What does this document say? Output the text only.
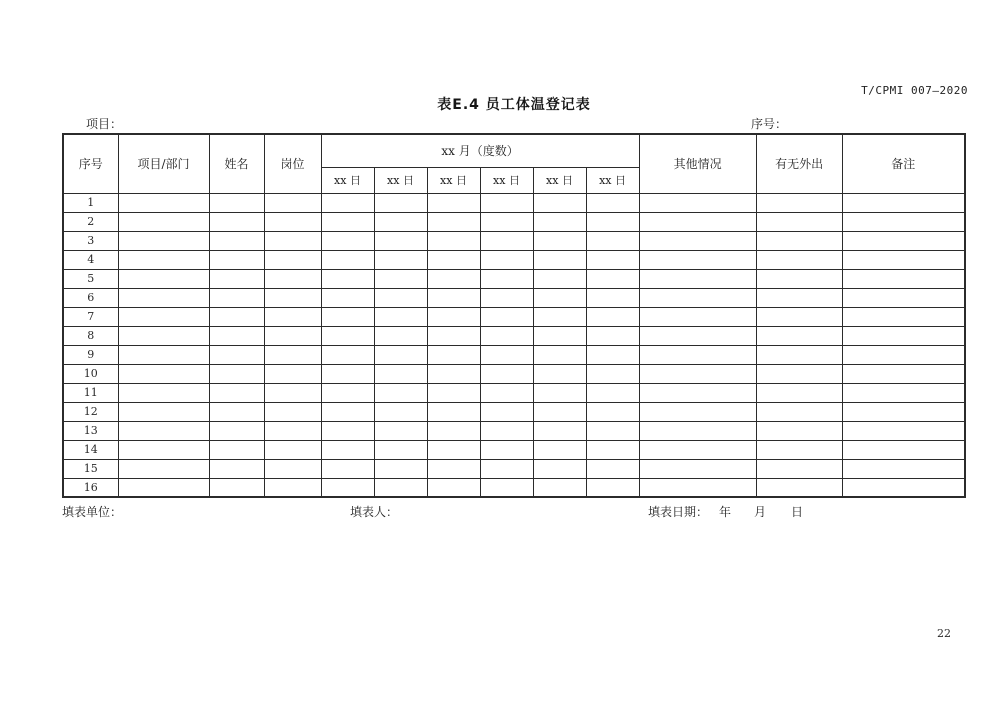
T/CPMI 007—2020
表E.4 员工体温登记表
项目：	序号：
序号	项目/部门	姓名	岗位	xx 月（度数）						其他情况	有无外出	备注
				xx 日	xx 日	xx 日	xx 日	xx 日	xx 日			
1												
2												
3												
4												
5												
6												
7												
8												
9												
10												
11												
12												
13												
14												
15												
16												
填表单位：	填表人：	填表日期： 年 月 日
22
